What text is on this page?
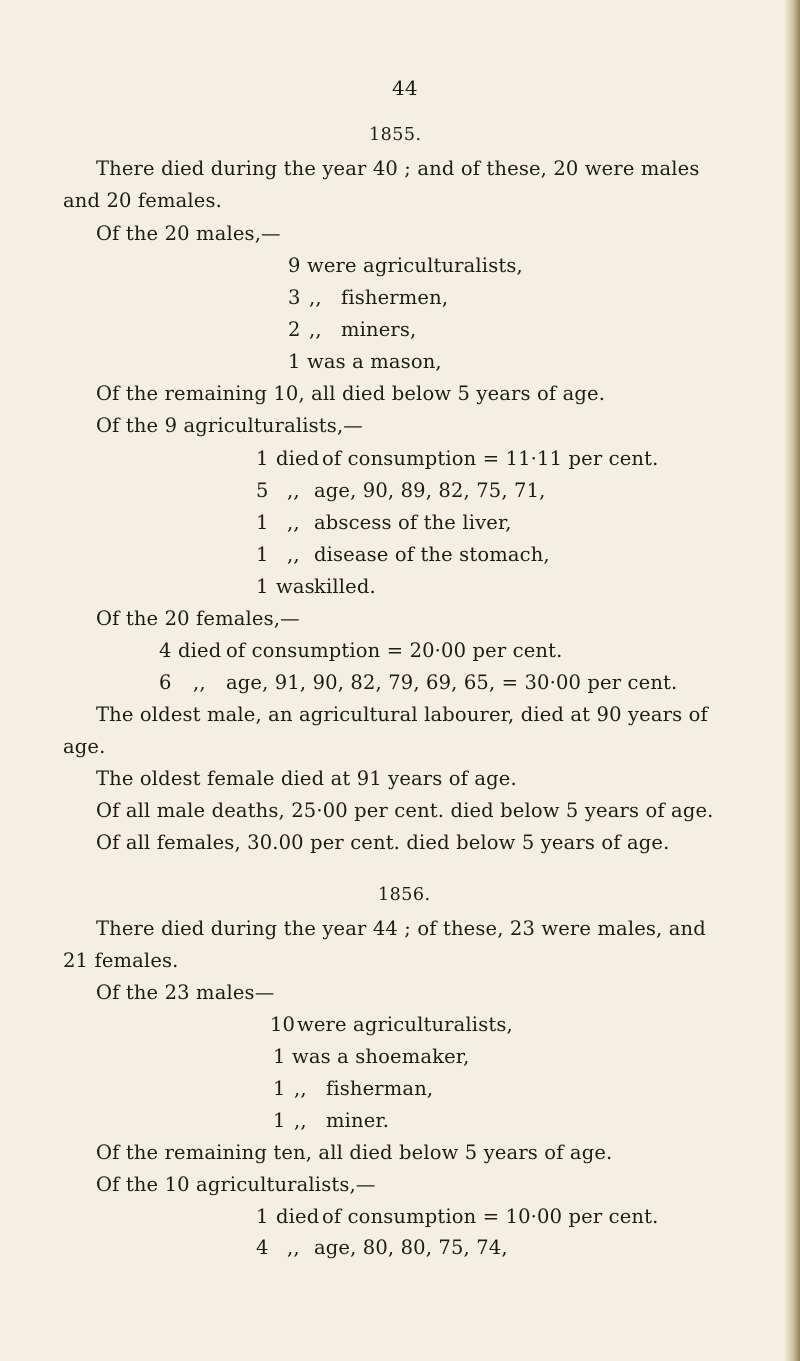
44
1855.
There died during the year 40 ; and of these, 20 were males
and 20 females.
Of the 20 males,—
9 were agriculturalists,
3 ,, fishermen,
2 ,, miners,
1 was a mason,
Of the remaining 10, all died below 5 years of age.
Of the 9 agriculturalists,—
1 died of consumption = 11·11 per cent.
5 ,, age, 90, 89, 82, 75, 71,
1 ,, abscess of the liver,
1 ,, disease of the stomach,
1 was killed.
Of the 20 females,—
4 died of consumption = 20·00 per cent.
6 ,, age, 91, 90, 82, 79, 69, 65, = 30·00 per cent.
The oldest male, an agricultural labourer, died at 90 years of
age.
The oldest female died at 91 years of age.
Of all male deaths, 25·00 per cent. died below 5 years of age.
Of all females, 30.00 per cent. died below 5 years of age.
1856.
There died during the year 44 ; of these, 23 were males, and
21 females.
Of the 23 males—
10 were agriculturalists,
1 was a shoemaker,
1 ,, fisherman,
1 ,, miner.
Of the remaining ten, all died below 5 years of age.
Of the 10 agriculturalists,—
1 died of consumption = 10·00 per cent.
4 ,, age, 80, 80, 75, 74,
